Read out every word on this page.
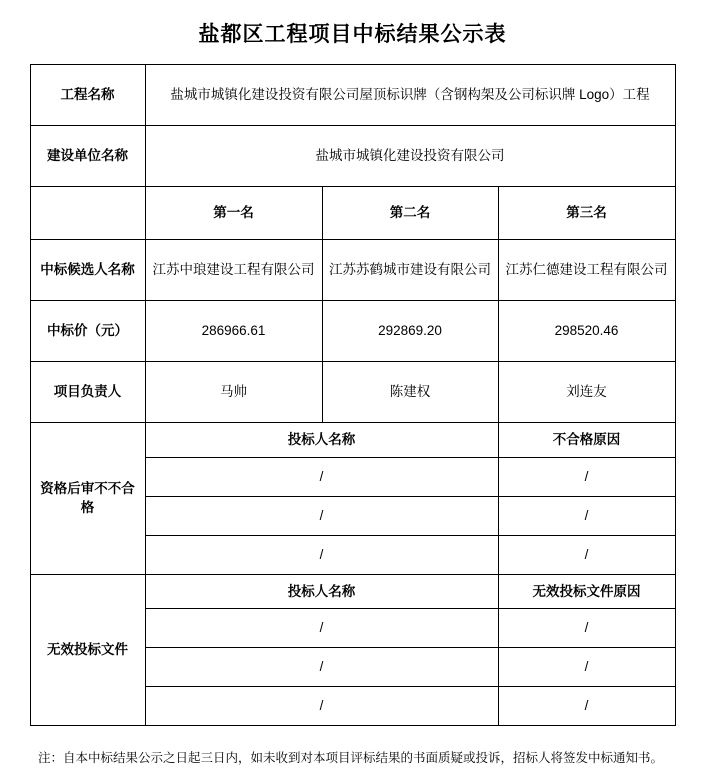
盐都区工程项目中标结果公示表
工程名称	盐城市城镇化建设投资有限公司屋顶标识牌（含钢构架及公司标识牌 Logo）工程		
建设单位名称	盐城市城镇化建设投资有限公司		
	第一名	第二名	第三名
中标候选人名称	江苏中琅建设工程有限公司	江苏苏鹤城市建设有限公司	江苏仁德建设工程有限公司
中标价（元）	286966.61	292869.20	298520.46
项目负责人	马帅	陈建权	刘连友
资格后审不不合格	投标人名称		不合格原因
	/		/
	/		/
	/		/
无效投标文件	投标人名称		无效投标文件原因
	/		/
	/		/
	/		/
注：自本中标结果公示之日起三日内，如未收到对本项目评标结果的书面质疑或投诉，招标人将签发中标通知书。
